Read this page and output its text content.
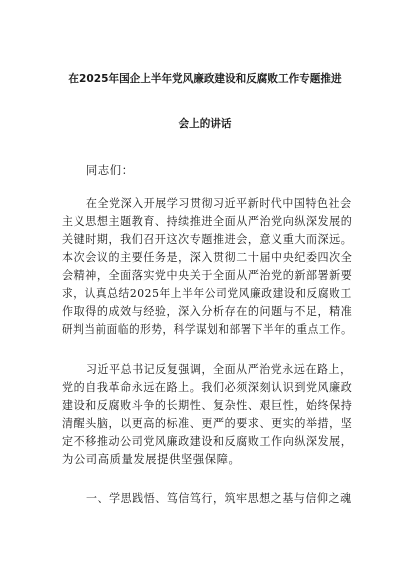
在2025年国企上半年党风廉政建设和反腐败工作专题推进
会上的讲话
同志们：
在全党深入开展学习贯彻习近平新时代中国特色社会
主义思想主题教育、持续推进全面从严治党向纵深发展的
关键时期，我们召开这次专题推进会，意义重大而深远。
本次会议的主要任务是，深入贯彻二十届中央纪委四次全
会精神，全面落实党中央关于全面从严治党的新部署新要
求，认真总结2025年上半年公司党风廉政建设和反腐败工
作取得的成效与经验，深入分析存在的问题与不足，精准
研判当前面临的形势，科学谋划和部署下半年的重点工作。
习近平总书记反复强调，全面从严治党永远在路上，
党的自我革命永远在路上。我们必须深刻认识到党风廉政
建设和反腐败斗争的长期性、复杂性、艰巨性，始终保持
清醒头脑，以更高的标准、更严的要求、更实的举措，坚
定不移推动公司党风廉政建设和反腐败工作向纵深发展，
为公司高质量发展提供坚强保障。
一、学思践悟、笃信笃行，筑牢思想之基与信仰之魂
